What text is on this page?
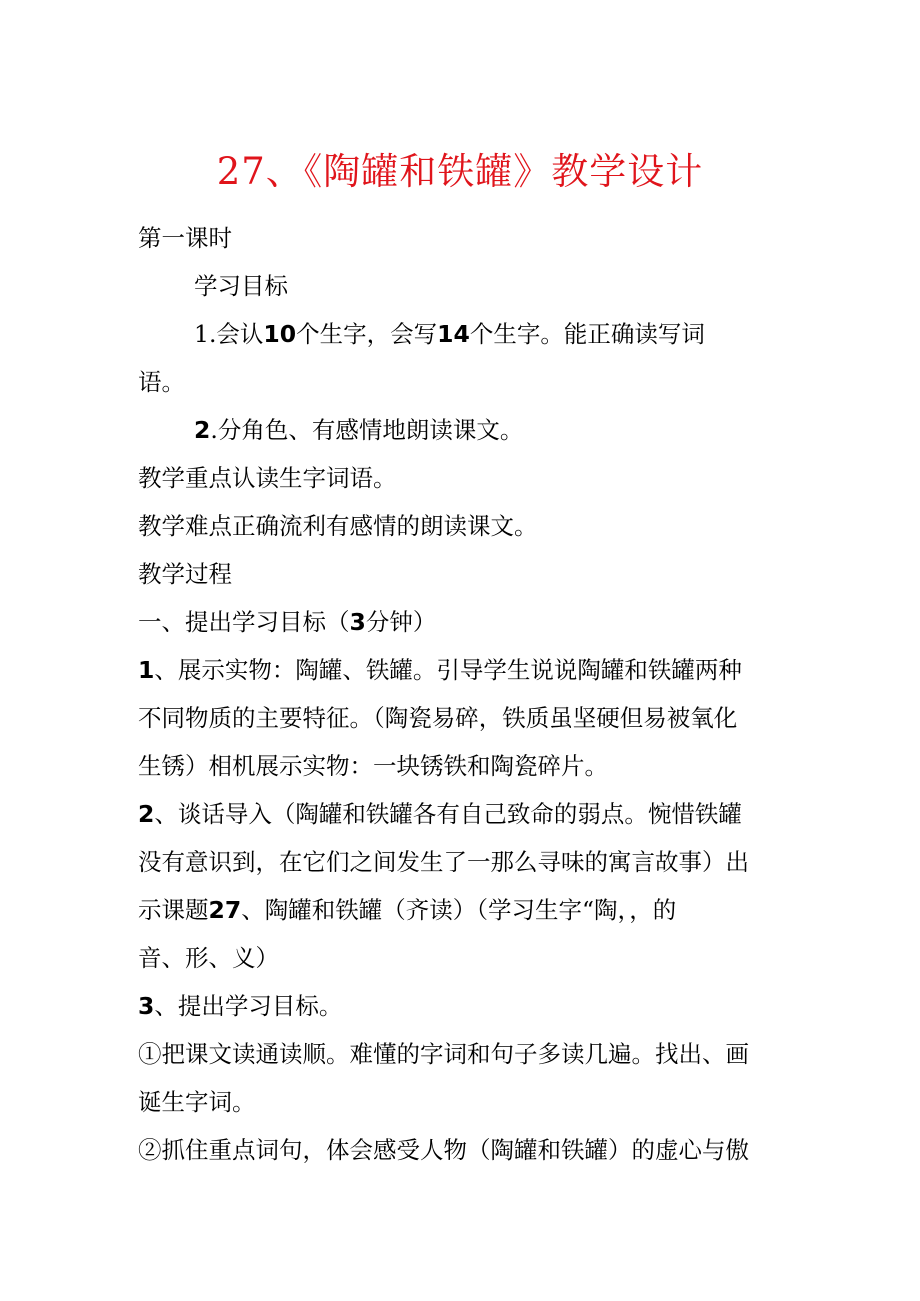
27、《陶罐和铁罐》教学设计
第一课时
学习目标
1.会认10个生字，会写14个生字。能正确读写词
语。
2.分角色、有感情地朗读课文。
教学重点认读生字词语。
教学难点正确流利有感情的朗读课文。
教学过程
一、提出学习目标（3分钟）
1、展示实物：陶罐、铁罐。引导学生说说陶罐和铁罐两种
不同物质的主要特征。（陶瓷易碎，铁质虽坚硬但易被氧化
生锈）相机展示实物：一块锈铁和陶瓷碎片。
2、谈话导入（陶罐和铁罐各有自己致命的弱点。惋惜铁罐
没有意识到，在它们之间发生了一那么寻味的寓言故事）出
示课题27、陶罐和铁罐（齐读）（学习生字“陶，，的
音、形、义）
3、提出学习目标。
①把课文读通读顺。难懂的字词和句子多读几遍。找出、画
诞生字词。
②抓住重点词句，体会感受人物（陶罐和铁罐）的虚心与傲
